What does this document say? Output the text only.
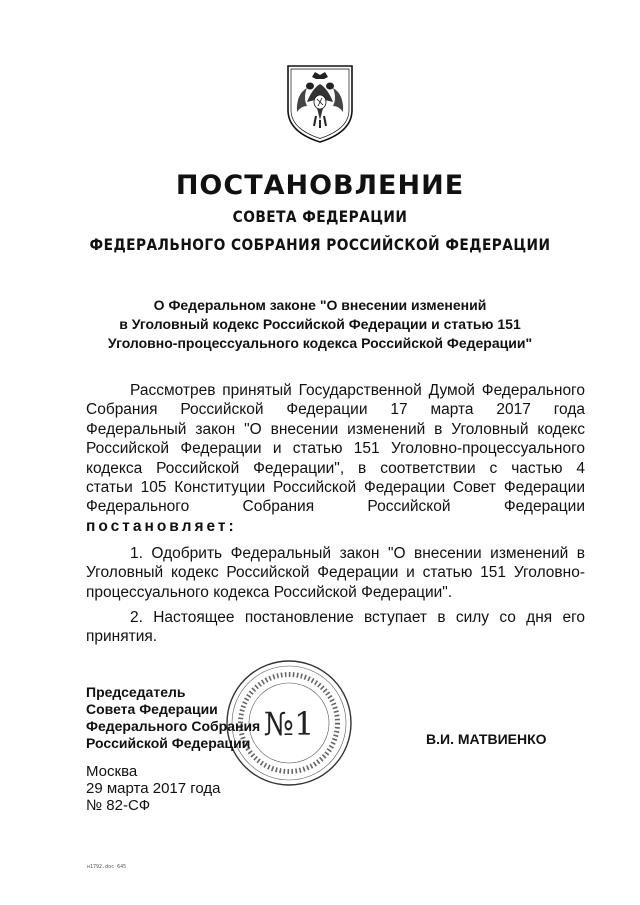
ПОСТАНОВЛЕНИЕ
СОВЕТА ФЕДЕРАЦИИ
ФЕДЕРАЛЬНОГО СОБРАНИЯ РОССИЙСКОЙ ФЕДЕРАЦИИ
О Федеральном законе "О внесении изменений
в Уголовный кодекс Российской Федерации и статью 151
Уголовно-процессуального кодекса Российской Федерации"
Рассмотрев принятый Государственной Думой Федерального
Собрания Российской Федерации 17 марта 2017 года
Федеральный закон "О внесении изменений в Уголовный кодекс
Российской Федерации и статью 151 Уголовно-процессуального
кодекса Российской Федерации", в соответствии с частью 4
статьи 105 Конституции Российской Федерации Совет Федерации
Федерального Собрания Российской Федерации
постановляет:
1. Одобрить Федеральный закон "О внесении изменений в
Уголовный кодекс Российской Федерации и статью 151 Уголовно-
процессуального кодекса Российской Федерации".
2. Настоящее постановление вступает в силу со дня его
принятия.
№1
Председатель
Совета Федерации
Федерального Собрания
Российской Федерации	В.И. МАТВИЕНКО
Москва
29 марта 2017 года
№ 82-СФ
н1792.doc 645
